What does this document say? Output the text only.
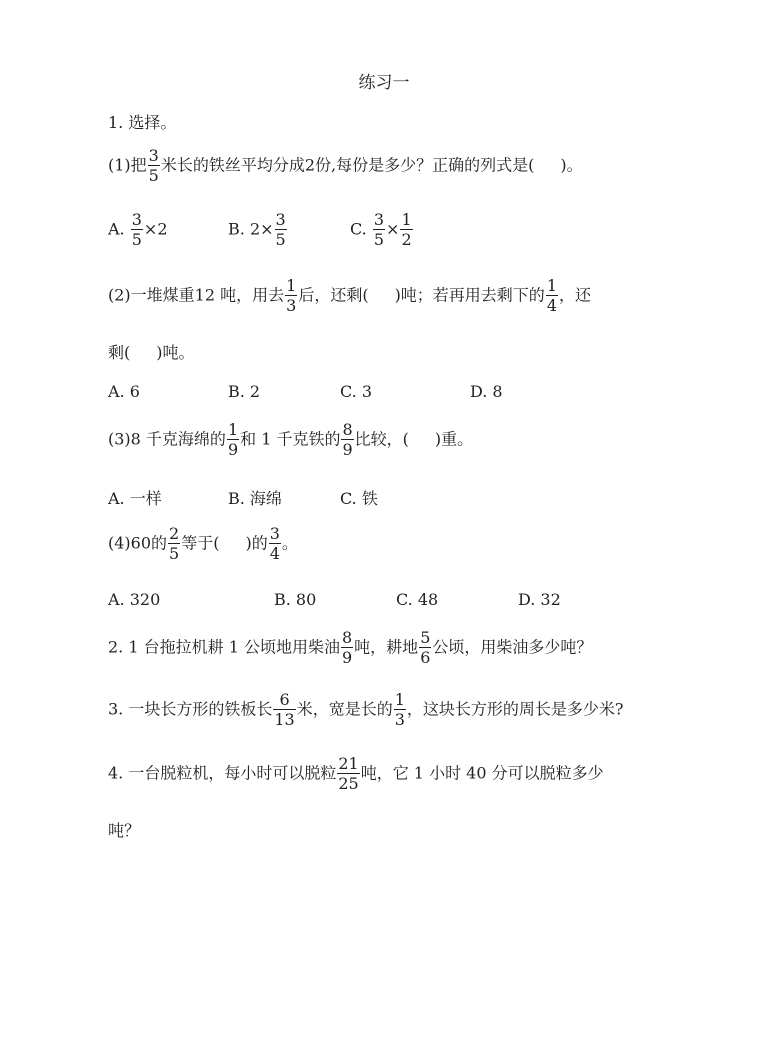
练习一
1. 选择。
(1)把 $\frac{3}{5}$ 米长的铁丝平均分成2份,每份是多少？正确的列式是( )。
A. $\frac{3}{5} \times 2$	B. $2\times \frac{3}{5}$	C. $\frac{3}{5} \times \frac{1}{2}$
(2)一堆煤重12 吨，用去 $\frac{1}{3}$ 后，还剩( )吨；若再用去剩下的 $\frac{1}{4}$ ，还
剩( )吨。
A. 6	B. 2	C. 3	D. 8
(3)8 千克海绵的 $\frac{1}{9}$ 和 1 千克铁的 $\frac{8}{9}$ 比较，( )重。
A. 一样	B. 海绵	C. 铁
(4)60的 $\frac{2}{5}$ 等于( )的 $\frac{3}{4}$ 。
A. 320	B. 80	C. 48	D. 32
2. 1 台拖拉机耕 1 公顷地用柴油 $\frac{8}{9}$ 吨，耕地 $\frac{5}{6}$ 公顷，用柴油多少吨？
3. 一块长方形的铁板长 $\frac{6}{13}$ 米，宽是长的 $\frac{1}{3}$ ，这块长方形的周长是多少米?
4. 一台脱粒机，每小时可以脱粒 $\frac{21}{25}$ 吨，它 1 小时 40 分可以脱粒多少
吨？
